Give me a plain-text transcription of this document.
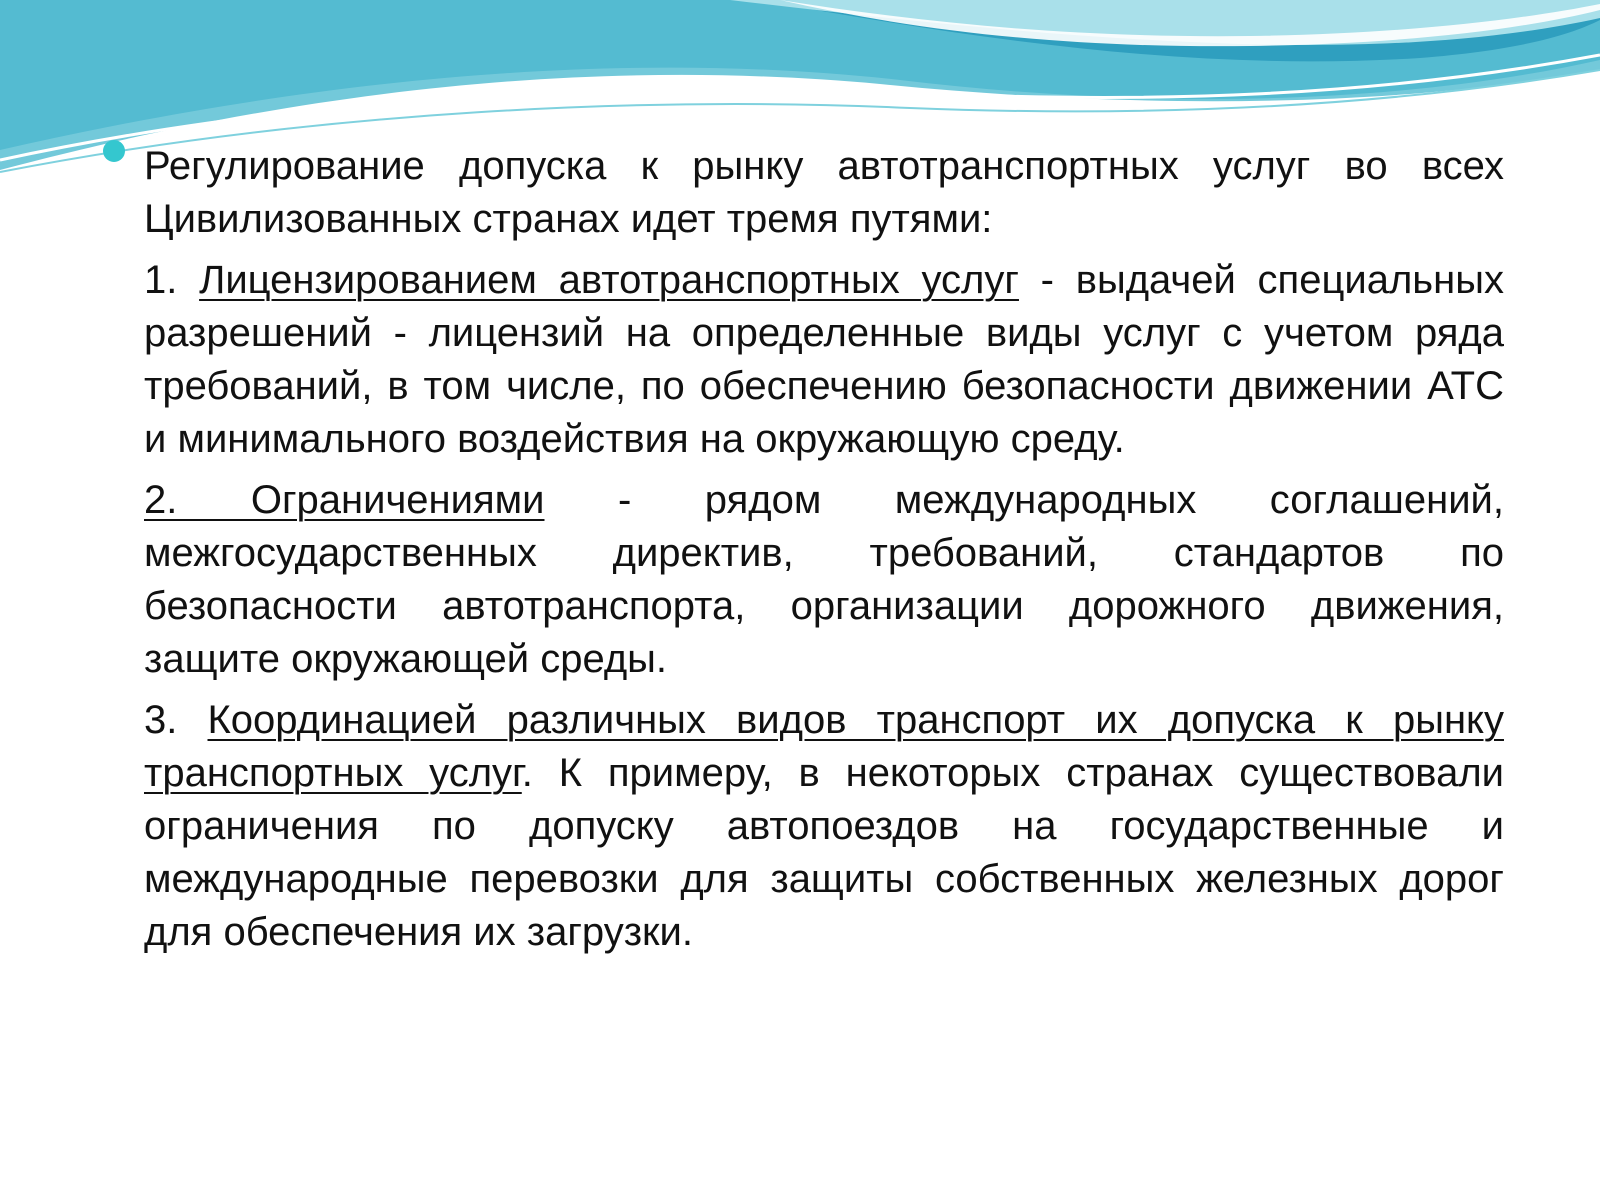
Регулирование допуска к рынку автотранспортных услуг во всех Цивилизованных странах идет тремя путями:

1. Лицензированием автотранспортных услуг - выдачей специальных разрешений - лицензий на определенные виды услуг с учетом ряда требований, в том числе, по обеспечению безопасности движении АТС и минимального воздействия на окружающую среду.

2. Ограничениями - рядом международных соглашений, межгосударственных директив, требований, стандартов по безопасности автотранспорта, организации дорожного движения, защите окружающей среды.

3. Координацией различных видов транспорт их допуска к рынку транспортных услуг. К примеру, в некоторых странах существовали ограничения по допуску автопоездов на государственные и международные перевозки для защиты собственных железных дорог для обеспечения их загрузки.
